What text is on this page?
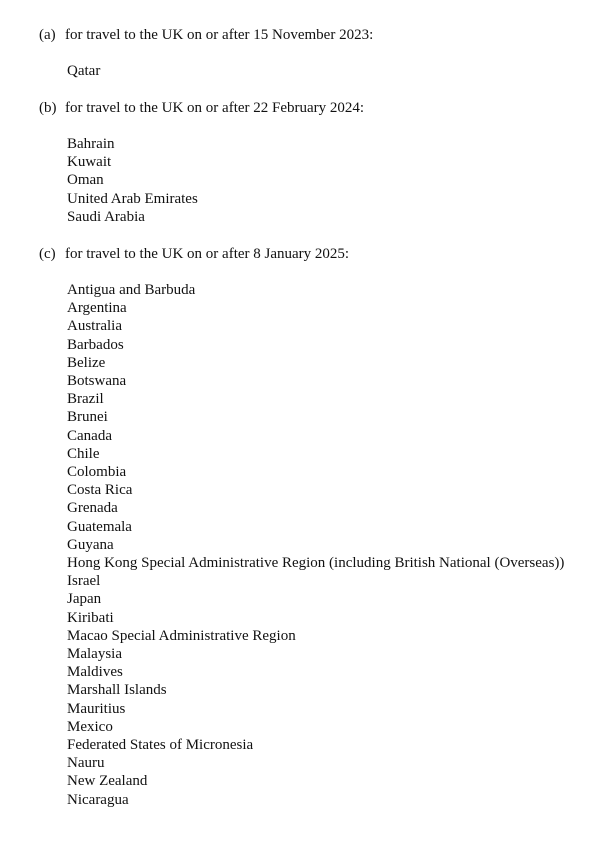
(a) for travel to the UK on or after 15 November 2023:
Qatar
(b) for travel to the UK on or after 22 February 2024:
Bahrain
Kuwait
Oman
United Arab Emirates
Saudi Arabia
(c) for travel to the UK on or after 8 January 2025:
Antigua and Barbuda
Argentina
Australia
Barbados
Belize
Botswana
Brazil
Brunei
Canada
Chile
Colombia
Costa Rica
Grenada
Guatemala
Guyana
Hong Kong Special Administrative Region (including British National (Overseas))
Israel
Japan
Kiribati
Macao Special Administrative Region
Malaysia
Maldives
Marshall Islands
Mauritius
Mexico
Federated States of Micronesia
Nauru
New Zealand
Nicaragua
